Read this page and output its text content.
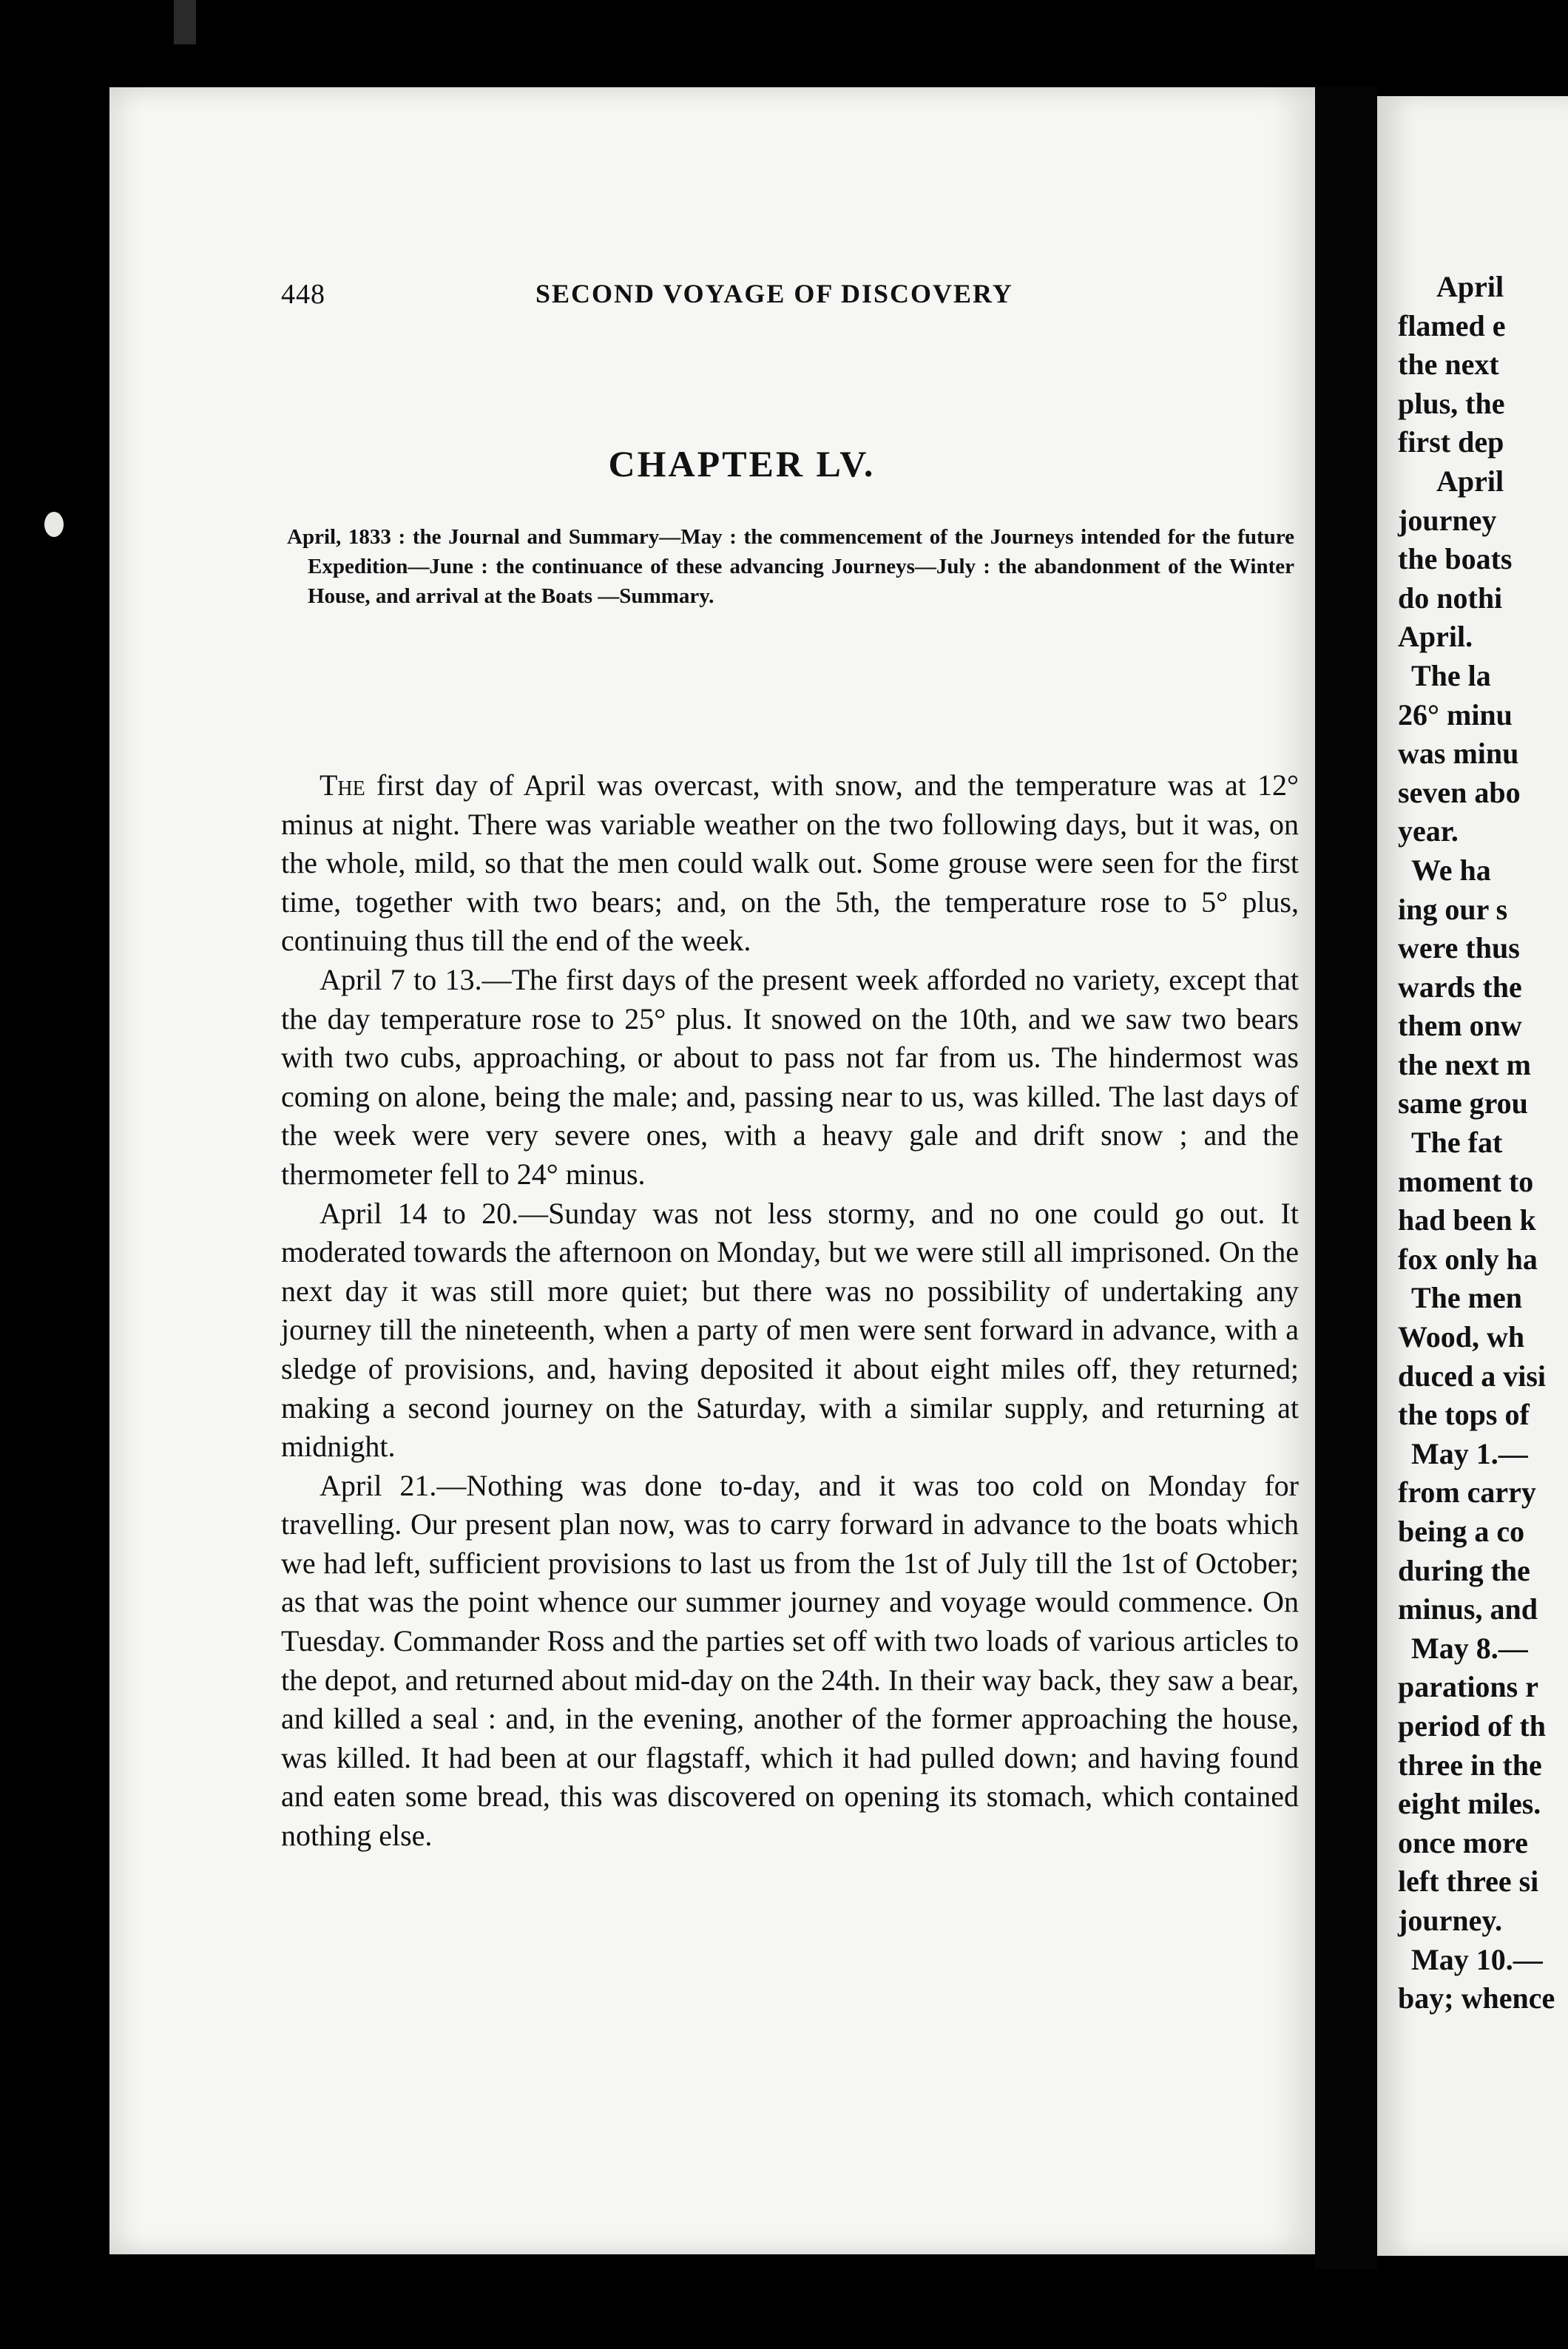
448	SECOND VOYAGE OF DISCOVERY
CHAPTER LV.
April, 1833 : the Journal and Summary—May : the commencement of the Journeys intended for the future Expedition—June : the continuance of these advancing Journeys—July : the abandonment of the Winter House, and arrival at the Boats —Summary.

The first day of April was overcast, with snow, and the temperature was at 12° minus at night. There was variable weather on the two following days, but it was, on the whole, mild, so that the men could walk out. Some grouse were seen for the first time, together with two bears; and, on the 5th, the temperature rose to 5° plus, continuing thus till the end of the week.

April 7 to 13.—The first days of the present week afforded no variety, except that the day temperature rose to 25° plus. It snowed on the 10th, and we saw two bears with two cubs, approaching, or about to pass not far from us. The hindermost was coming on alone, being the male; and, passing near to us, was killed. The last days of the week were very severe ones, with a heavy gale and drift snow ; and the thermometer fell to 24° minus.

April 14 to 20.—Sunday was not less stormy, and no one could go out. It moderated towards the afternoon on Monday, but we were still all imprisoned. On the next day it was still more quiet; but there was no possibility of undertaking any journey till the nineteenth, when a party of men were sent forward in advance, with a sledge of provisions, and, having deposited it about eight miles off, they returned; making a second journey on the Saturday, with a similar supply, and returning at midnight.

April 21.—Nothing was done to-day, and it was too cold on Monday for travelling. Our present plan now, was to carry forward in advance to the boats which we had left, sufficient provisions to last us from the 1st of July till the 1st of October; as that was the point whence our summer journey and voyage would commence. On Tuesday. Commander Ross and the parties set off with two loads of various articles to the depot, and returned about mid-day on the 24th. In their way back, they saw a bear, and killed a seal : and, in the evening, another of the former approaching the house, was killed. It had been at our flagstaff, which it had pulled down; and having found and eaten some bread, this was discovered on opening its stomach, which contained nothing else.

April
flamed e
the next
plus, the
first dep
April
journey
the boats
do nothi
April.
The la
26° minu
was minu
seven abo
year.
We ha
ing our s
were thus
wards the
them onw
the next m
same grou
The fat
moment to
had been k
fox only ha
The men
Wood, wh
duced a visi
the tops of
May 1.—
from carry
being a co
during the
minus, and
May 8.—
parations r
period of th
three in the
eight miles.
once more
left three si
journey.
May 10.—
bay; whence
